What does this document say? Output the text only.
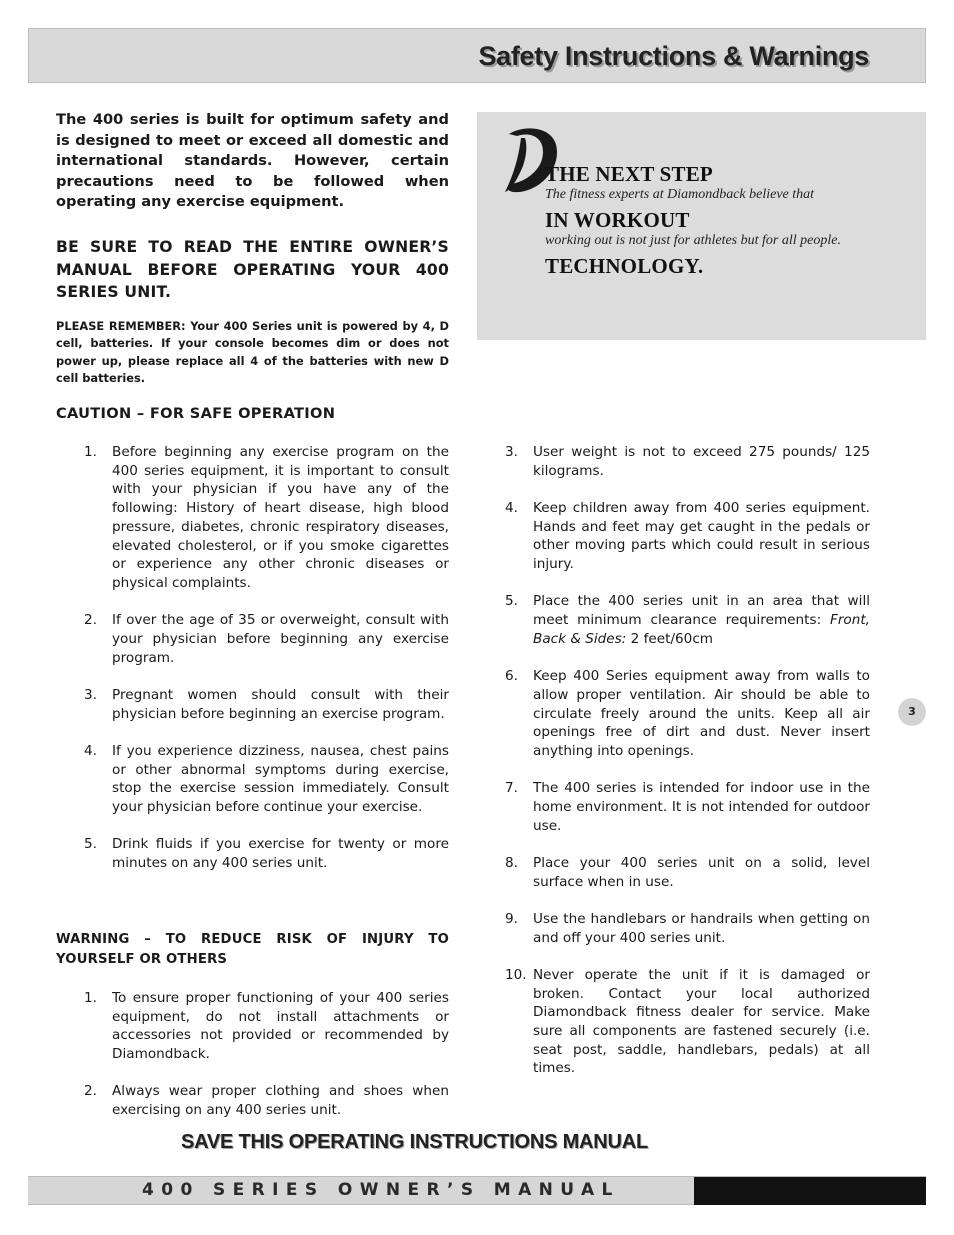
Safety Instructions & Warnings

The 400 series is built for optimum safety and is designed to meet or exceed all domestic and international standards. However, certain precautions need to be followed when operating any exercise equipment.

BE SURE TO READ THE ENTIRE OWNER’S MANUAL BEFORE OPERATING YOUR 400 SERIES UNIT.

PLEASE REMEMBER: Your 400 Series unit is powered by 4, D cell, batteries. If your console becomes dim or does not power up, please replace all 4 of the batteries with new D cell batteries.

THE NEXT STEP
The fitness experts at Diamondback believe that
IN WORKOUT
working out is not just for athletes but for all people.
TECHNOLOGY.
CAUTION – FOR SAFE OPERATION
1. Before beginning any exercise program on the 400 series equipment, it is important to consult with your physician if you have any of the following: History of heart disease, high blood pressure, diabetes, chronic respiratory diseases, elevated cholesterol, or if you smoke cigarettes or experience any other chronic diseases or physical complaints.
2. If over the age of 35 or overweight, consult with your physician before beginning any exercise program.
3. Pregnant women should consult with their physician before beginning an exercise program.
4. If you experience dizziness, nausea, chest pains or other abnormal symptoms during exercise, stop the exercise session immediately. Consult your physician before continue your exercise.
5. Drink fluids if you exercise for twenty or more minutes on any 400 series unit.

WARNING – TO REDUCE RISK OF INJURY TO YOURSELF OR OTHERS

1. To ensure proper functioning of your 400 series equipment, do not install attachments or accessories not provided or recommended by Diamondback.
2. Always wear proper clothing and shoes when exercising on any 400 series unit.
3. User weight is not to exceed 275 pounds/ 125 kilograms.
4. Keep children away from 400 series equipment. Hands and feet may get caught in the pedals or other moving parts which could result in serious injury.
5. Place the 400 series unit in an area that will meet minimum clearance requirements: Front, Back & Sides: 2 feet/60cm
6. Keep 400 Series equipment away from walls to allow proper ventilation. Air should be able to circulate freely around the units. Keep all air openings free of dirt and dust. Never insert anything into openings.
7. The 400 series is intended for indoor use in the home environment. It is not intended for outdoor use.
8. Place your 400 series unit on a solid, level surface when in use.
9. Use the handlebars or handrails when getting on and off your 400 series unit.
10. Never operate the unit if it is damaged or broken. Contact your local authorized Diamondback fitness dealer for service. Make sure all components are fastened securely (i.e. seat post, saddle, handlebars, pedals) at all times.
3
SAVE THIS OPERATING INSTRUCTIONS MANUAL
400 SERIES OWNER’S MANUAL
